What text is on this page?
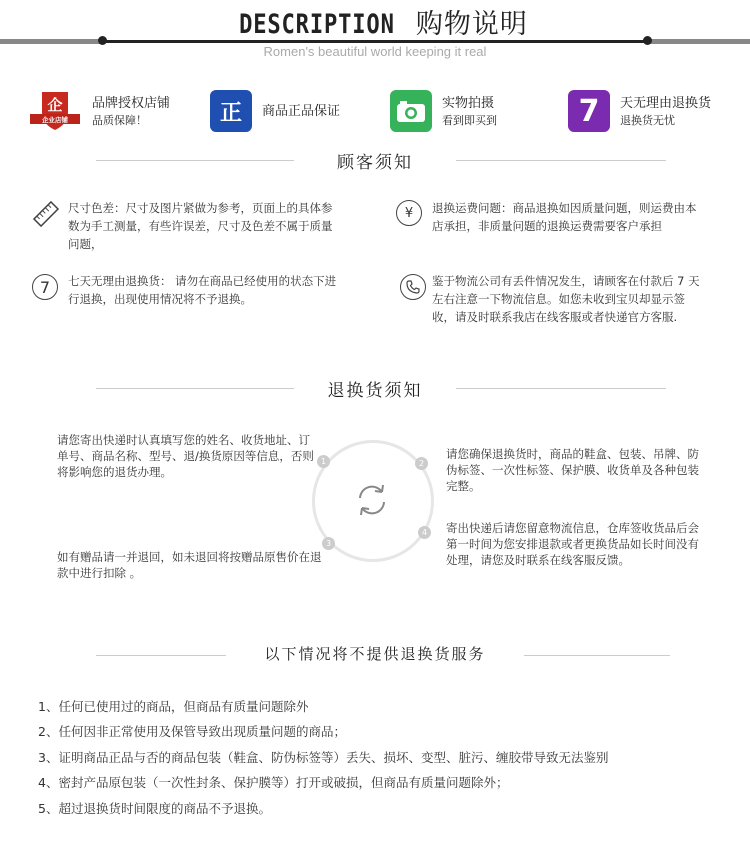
DESCRIPTION 购物说明
Romen's beautiful world keeping it real
企
企业店铺
品牌授权店铺
品质保障！	正	商品正品保证
实物拍摄
看到即买到	7	天无理由退换货
退换货无忧
顾客须知
尺寸色差：尺寸及图片紧做为参考，页面上的具体参数为手工测量，有些许误差，尺寸及色差不属于质量问题，
¥	退换运费问题：商品退换如因质量问题，则运费由本店承担，非质量问题的退换运费需要客户承担
7	七天无理由退换货： 请勿在商品已经使用的状态下进行退换，出现使用情况将不予退换。
鉴于物流公司有丢件情况发生，请顾客在付款后 7 天左右注意一下物流信息。如您未收到宝贝却显示签收，请及时联系我店在线客服或者快递官方客服.
退换货须知
1	2
3
4
请您寄出快递时认真填写您的姓名、收货地址、订单号、商品名称、型号、退/换货原因等信息，否则将影响您的退货办理。
请您确保退换货时，商品的鞋盒、包装、吊牌、防伪标签、一次性标签、保护膜、收货单及各种包装完整。
如有赠品请一并退回，如未退回将按赠品原售价在退款中进行扣除 。
寄出快递后请您留意物流信息，仓库签收货品后会第一时间为您安排退款或者更换货品如长时间没有处理，请您及时联系在线客服反馈。
以下情况将不提供退换货服务
1、任何已使用过的商品，但商品有质量问题除外
2、任何因非正常使用及保管导致出现质量问题的商品；
3、证明商品正品与否的商品包装（鞋盒、防伪标签等）丢失、损坏、变型、脏污、缠胶带导致无法鉴别
4、密封产品原包装（一次性封条、保护膜等）打开或破损，但商品有质量问题除外；
5、超过退换货时间限度的商品不予退换。
